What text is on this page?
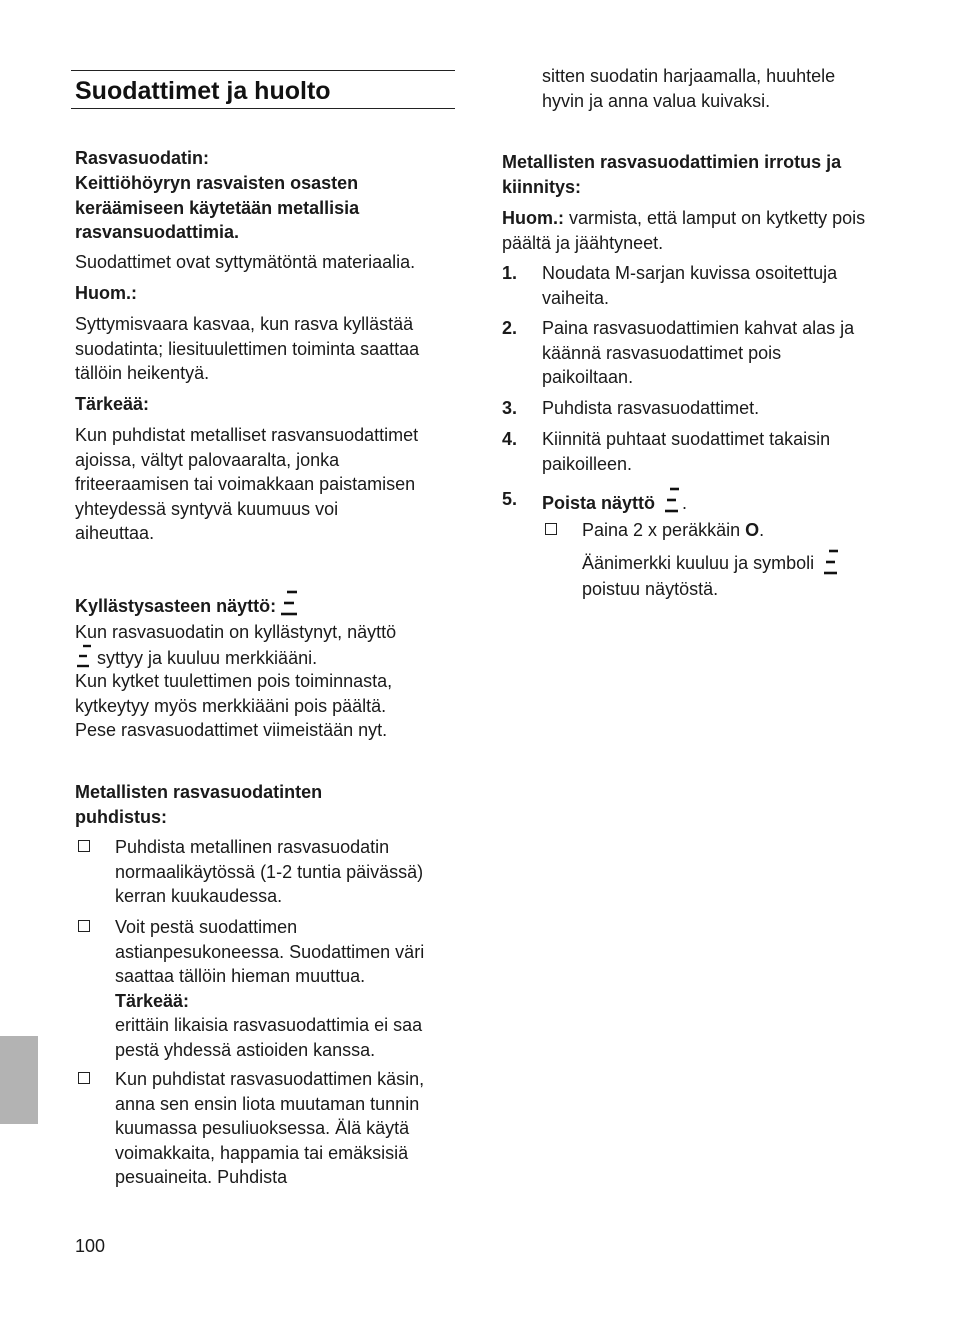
Suodattimet ja huolto

Rasvasuodatin:

Keittiöhöyryn rasvaisten osasten keräämiseen käytetään metallisia rasvansuodattimia.

Suodattimet ovat syttymätöntä materiaalia.

Huom.:

Syttymisvaara kasvaa, kun rasva kyllästää suodatinta; liesituulettimen toiminta saattaa tällöin heikentyä.

Tärkeää:

Kun puhdistat metalliset rasvansuodattimet ajoissa, vältyt palovaaralta, jonka friteeraamisen tai voimakkaan paistamisen yhteydessä syntyvä kuumuus voi aiheuttaa.

Kyllästysasteen näyttö:

Kun rasvasuodatin on kyllästynyt, näyttö

syttyy ja kuuluu merkkiääni.

Kun kytket tuulettimen pois toiminnasta, kytkeytyy myös merkkiääni pois päältä.

Pese rasvasuodattimet viimeistään nyt.

Metallisten rasvasuodatinten puhdistus:

Puhdista metallinen rasvasuodatin normaalikäytössä (1-2 tuntia päivässä) kerran kuukaudessa.

Voit pestä suodattimen astianpesukoneessa. Suodattimen väri saattaa tällöin hieman muuttua.

Tärkeää:

erittäin likaisia rasvasuodattimia ei saa pestä yhdessä astioiden kanssa.

Kun puhdistat rasvasuodattimen käsin, anna sen ensin liota muutaman tunnin kuumassa pesuliuoksessa. Älä käytä voimakkaita, happamia tai emäksisiä pesuaineita. Puhdista

sitten suodatin harjaamalla, huuhtele hyvin ja anna valua kuivaksi.

Metallisten rasvasuodattimien irrotus ja kiinnitys:

Huom.: varmista, että lamput on kytketty pois päältä ja jäähtyneet.

1. Noudata M-sarjan kuvissa osoitettuja vaiheita.

2. Paina rasvasuodattimien kahvat alas ja käännä rasvasuodattimet pois paikoiltaan.

3. Puhdista rasvasuodattimet.

4. Kiinnitä puhtaat suodattimet takaisin paikoilleen.

5. Poista näyttö .

Paina 2 x peräkkäin O.

Äänimerkki kuuluu ja symboli

poistuu näytöstä.

100
